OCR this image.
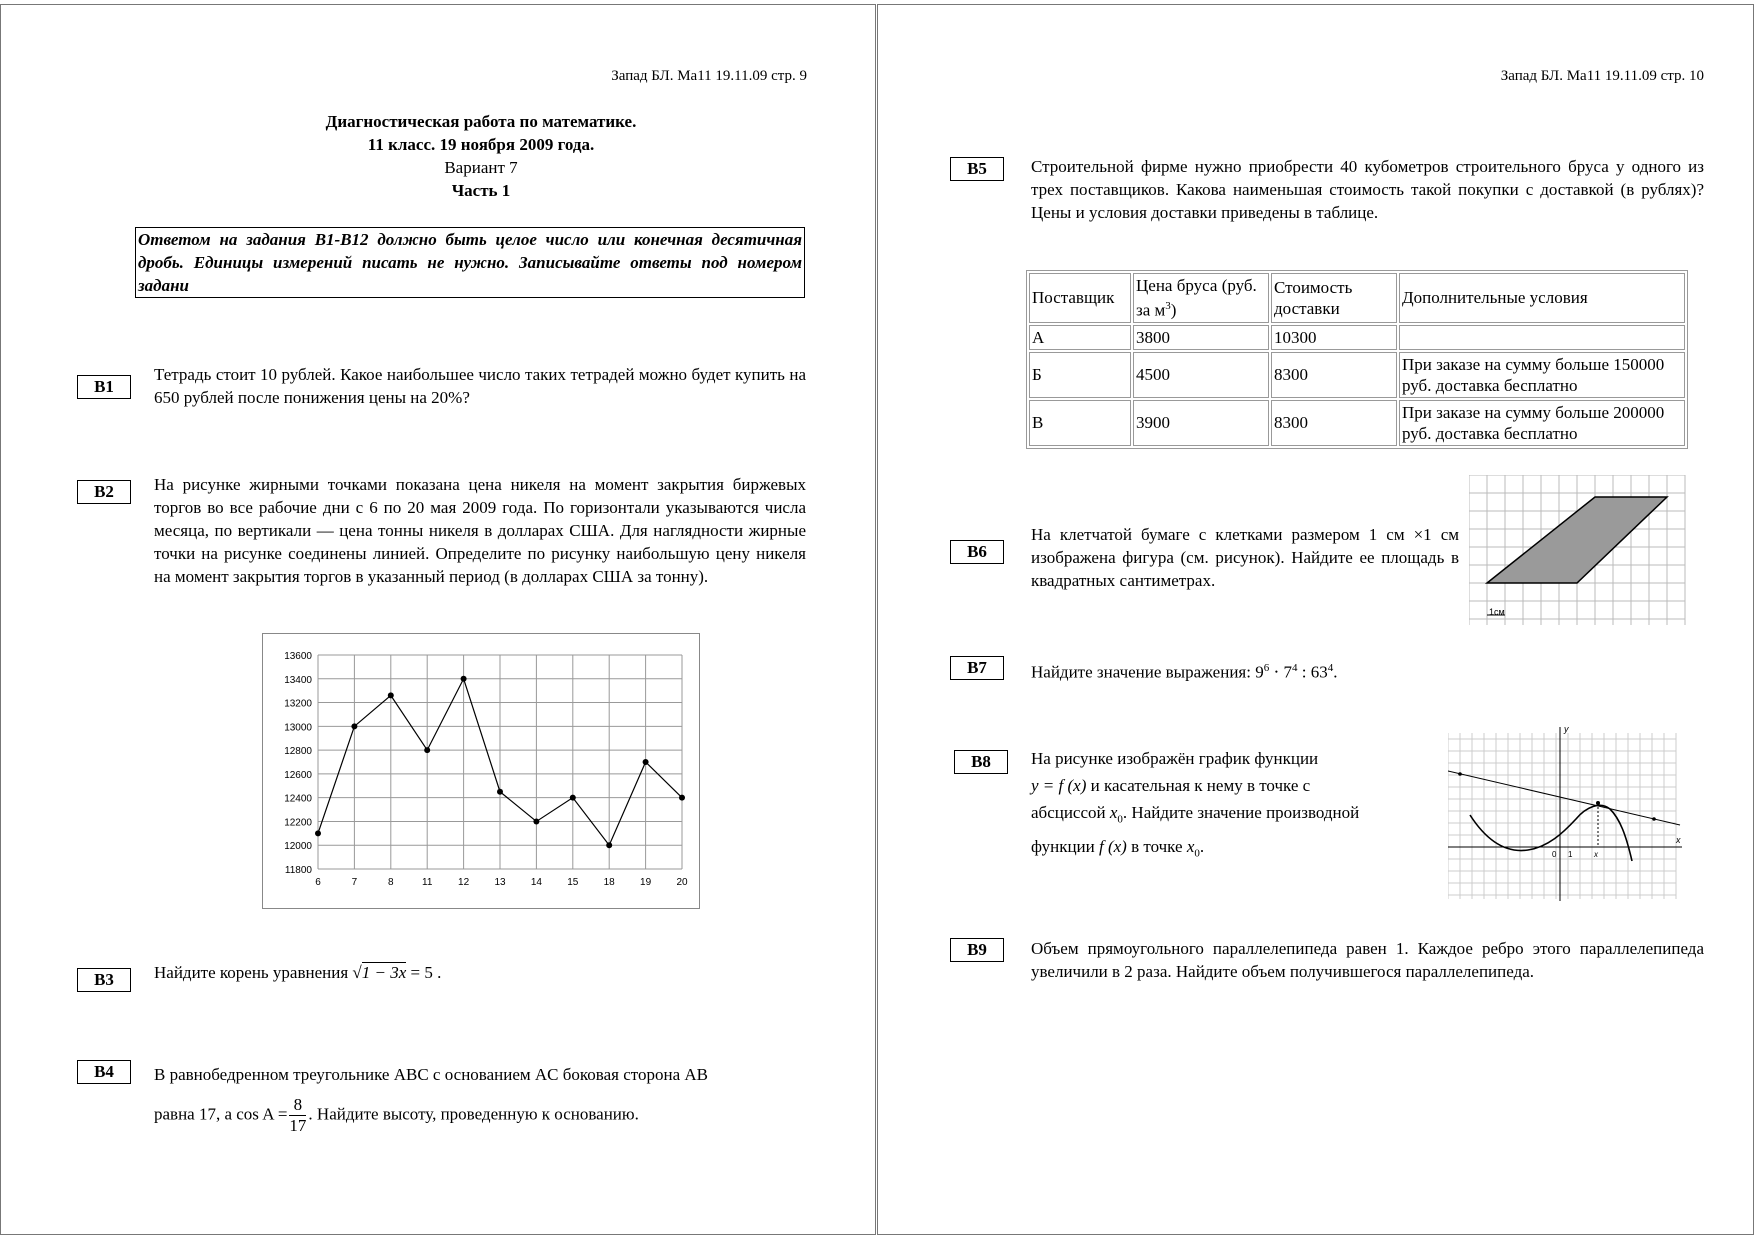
Запад БЛ. Ма11 19.11.09 стр. 9
Диагностическая работа по математике.
11 класс. 19 ноября 2009 года.
Вариант 7
Часть 1
Ответом на задания В1-В12 должно быть целое число или конечная десятичная дробь. Единицы измерений писать не нужно. Записывайте ответы под номером задани
В1
Тетрадь стоит 10 рублей. Какое наибольшее число таких тетрадей можно будет купить на 650 рублей после понижения цены на 20%?
В2	На рисунке жирными точками показана цена никеля на момент закрытия биржевых торгов во все рабочие дни с 6 по 20 мая 2009 года. По горизонтали указываются числа месяца, по вертикали — цена тонны никеля в долларах США. Для наглядности жирные точки на рисунке соединены линией. Определите по рисунку наибольшую цену никеля на момент закрытия торгов в указанный период (в долларах США за тонну).
11800
12000
12200
12400
12600
12800
13000
13200
13400
13600
6	7	8	11	12	13	14	15	18	19	20
В3	Найдите корень уравнения √1 − 3x = 5 .
В4	В равнобедренном треугольнике ABC с основанием AC боковая сторона AB
равна 17, а $\cos A = \frac{8}{17}$ . Найдите высоту, проведенную к основанию.
Запад БЛ. Ма11 19.11.09 стр. 10
В5	Строительной фирме нужно приобрести 40 кубометров строительного бруса у одного из трех поставщиков. Какова наименьшая стоимость такой покупки с доставкой (в рублях)? Цены и условия доставки приведены в таблице.
Поставщик	Цена бруса (руб. за $м^3$)	Стоимость доставки	Дополнительные условия
А	3800	10300	
Б	4500	8300	При заказе на сумму больше 150000 руб. доставка бесплатно
В	3900	8300	При заказе на сумму больше 200000 руб. доставка бесплатно
В6
На клетчатой бумаге с клетками размером 1 см ×1 см изображена фигура (см. рисунок). Найдите ее площадь в квадратных сантиметрах.
1см
В7	Найдите значение выражения: $9^6 \cdot 7^4$ : $63^4$.
В8	На рисунке изображён график функции
y = f (x) и касательная к нему в точке с
абсциссой $x_0$. Найдите значение производной
функции f (x) в точке $x_0$.
y
x
0 1	x
В9	Объем прямоугольного параллелепипеда равен 1. Каждое ребро этого параллелепипеда увеличили в 2 раза. Найдите объем получившегося параллелепипеда.
